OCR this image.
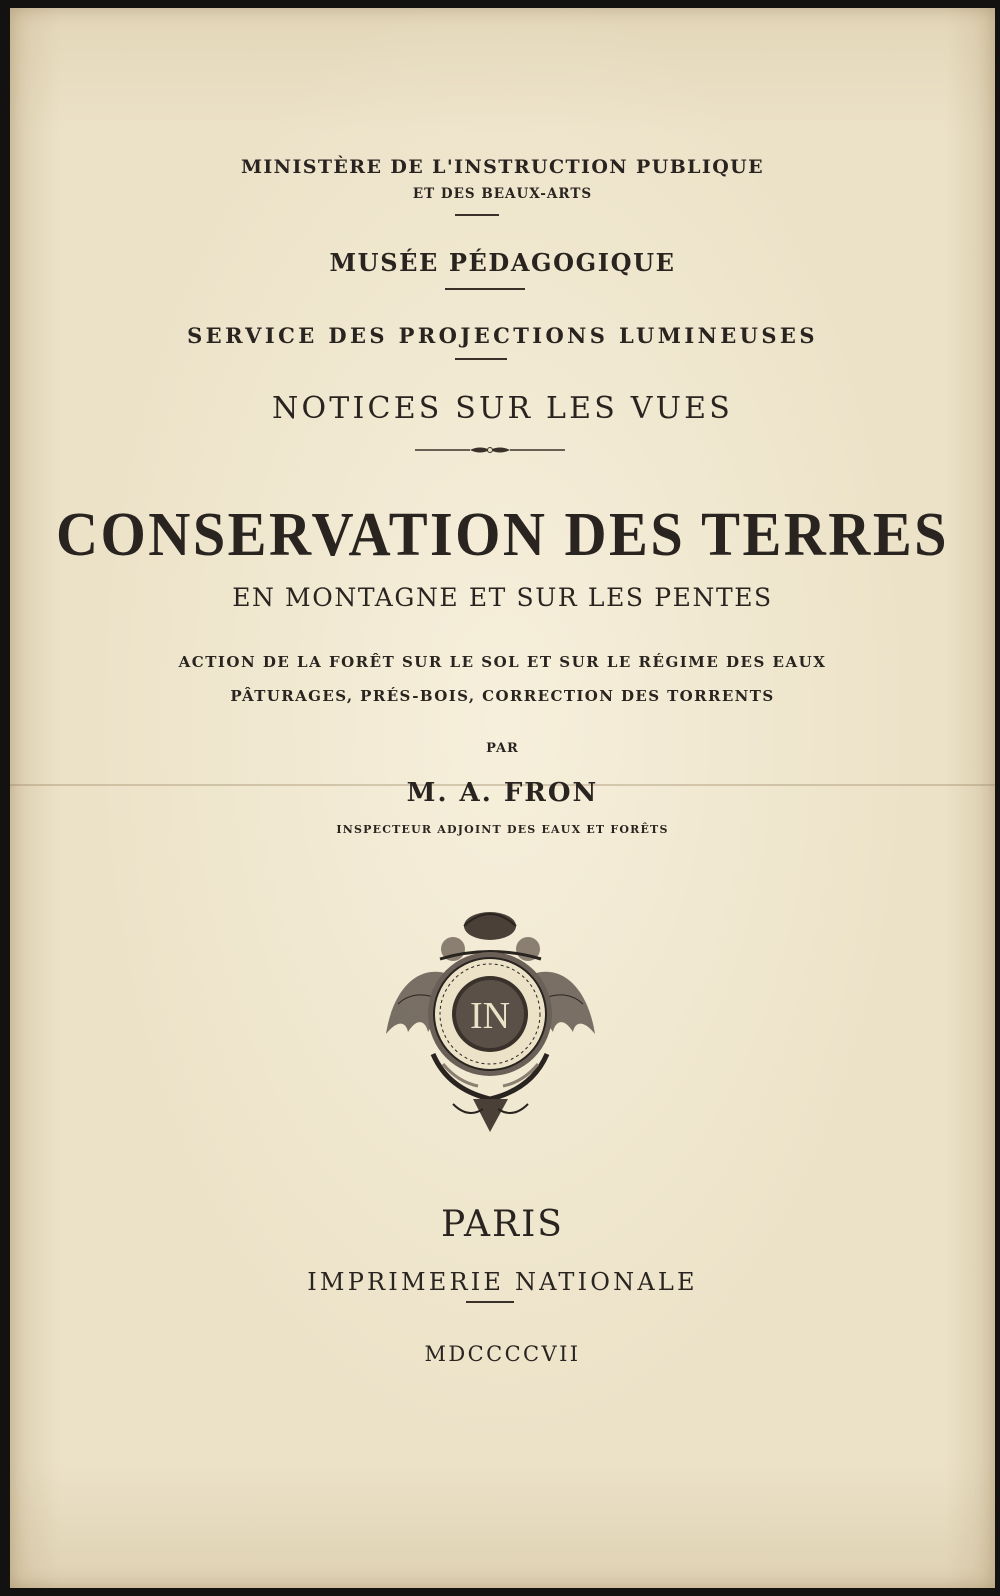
MINISTÈRE DE L'INSTRUCTION PUBLIQUE
ET DES BEAUX-ARTS
MUSÉE PÉDAGOGIQUE
SERVICE DES PROJECTIONS LUMINEUSES
NOTICES SUR LES VUES
CONSERVATION DES TERRES
EN MONTAGNE ET SUR LES PENTES
ACTION DE LA FORÊT SUR LE SOL ET SUR LE RÉGIME DES EAUX
PÂTURAGES, PRÉS-BOIS, CORRECTION DES TORRENTS
PAR
M. A. FRON
INSPECTEUR ADJOINT DES EAUX ET FORÊTS
IN
PARIS
IMPRIMERIE NATIONALE
MDCCCCVII
